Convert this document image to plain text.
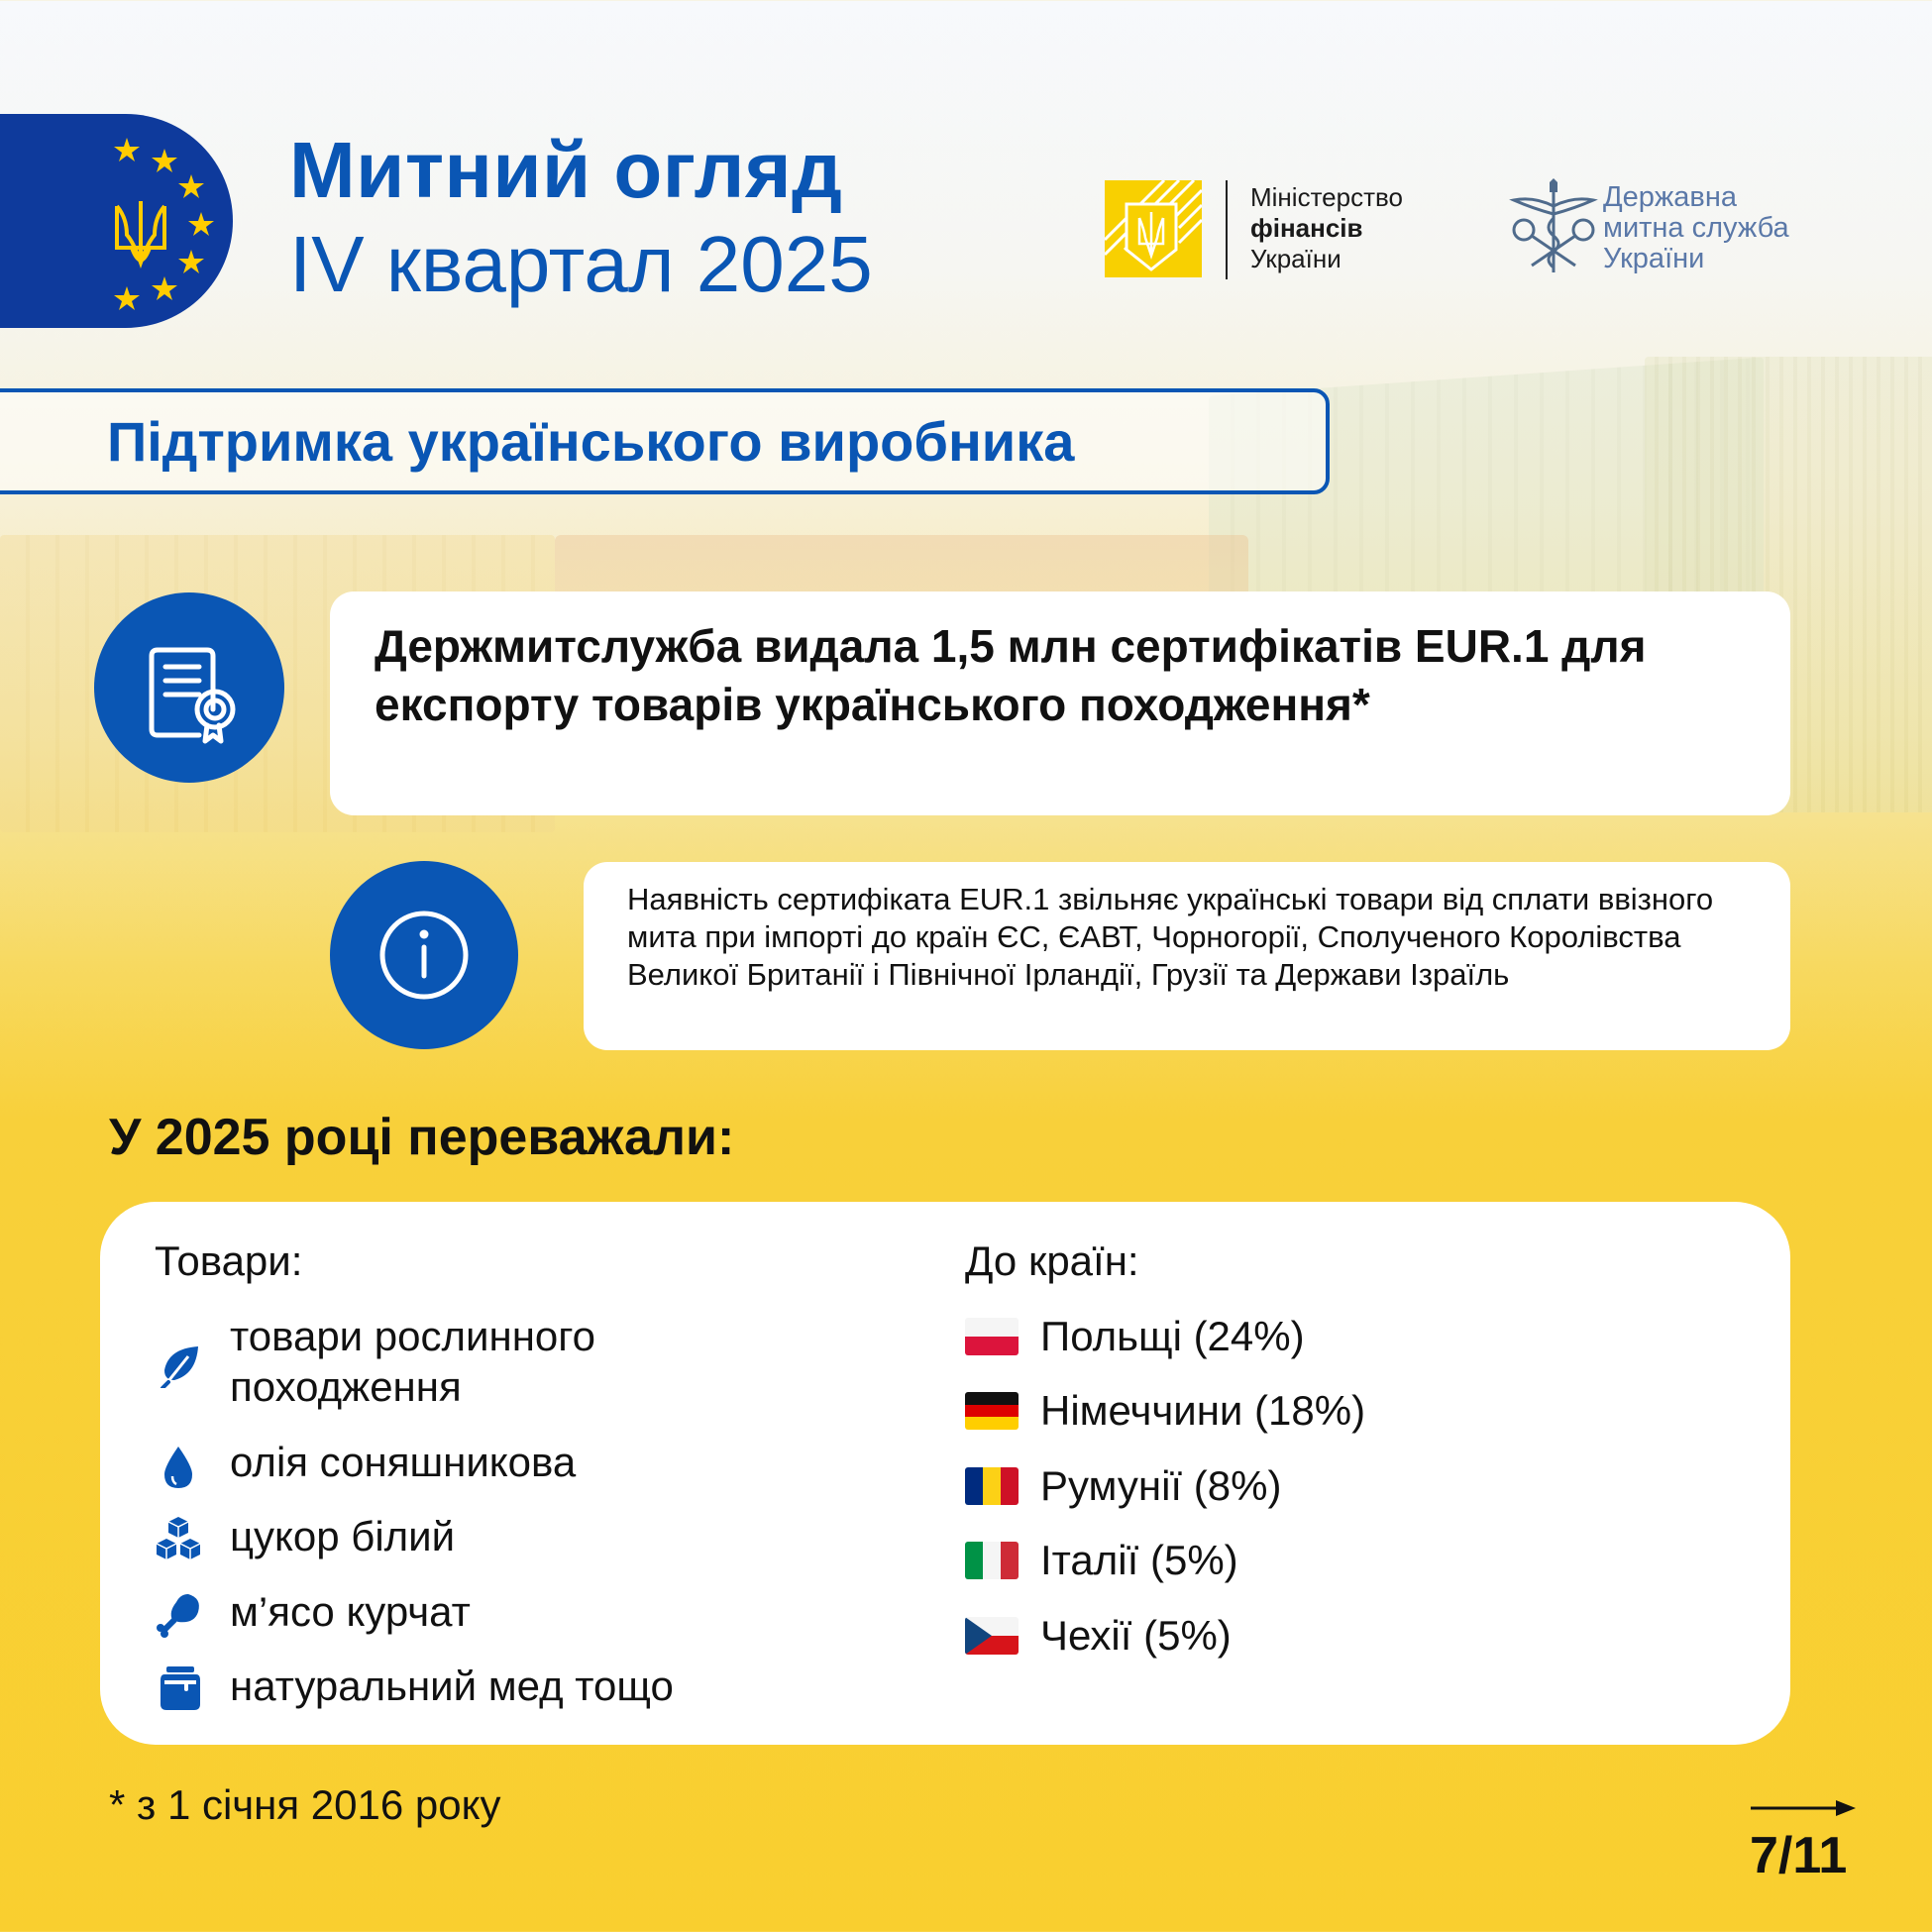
Митний огляд
IV квартал 2025
Міністерство
фінансів
України
Державна
митна служба
України
Підтримка українського виробника
Держмитслужба видала 1,5 млн сертифікатів EUR.1 для експорту товарів українського походження*
Наявність сертифіката EUR.1 звільняє українські товари від сплати ввізного мита при імпорті до країн ЄС, ЄАВТ, Чорногорії, Сполученого Королівства Великої Британії і Північної Ірландії, Грузії та Держави Ізраїль
У 2025 році переважали:
Товари:	До країн:
товари рослинного
походження
олія соняшникова
цукор білий
м’ясо курчат
натуральний мед тощо
Польщі (24%)
Німеччини (18%)
Румунії (8%)
Італії (5%)
Чехії (5%)
* з 1 січня 2016 року
7/11
